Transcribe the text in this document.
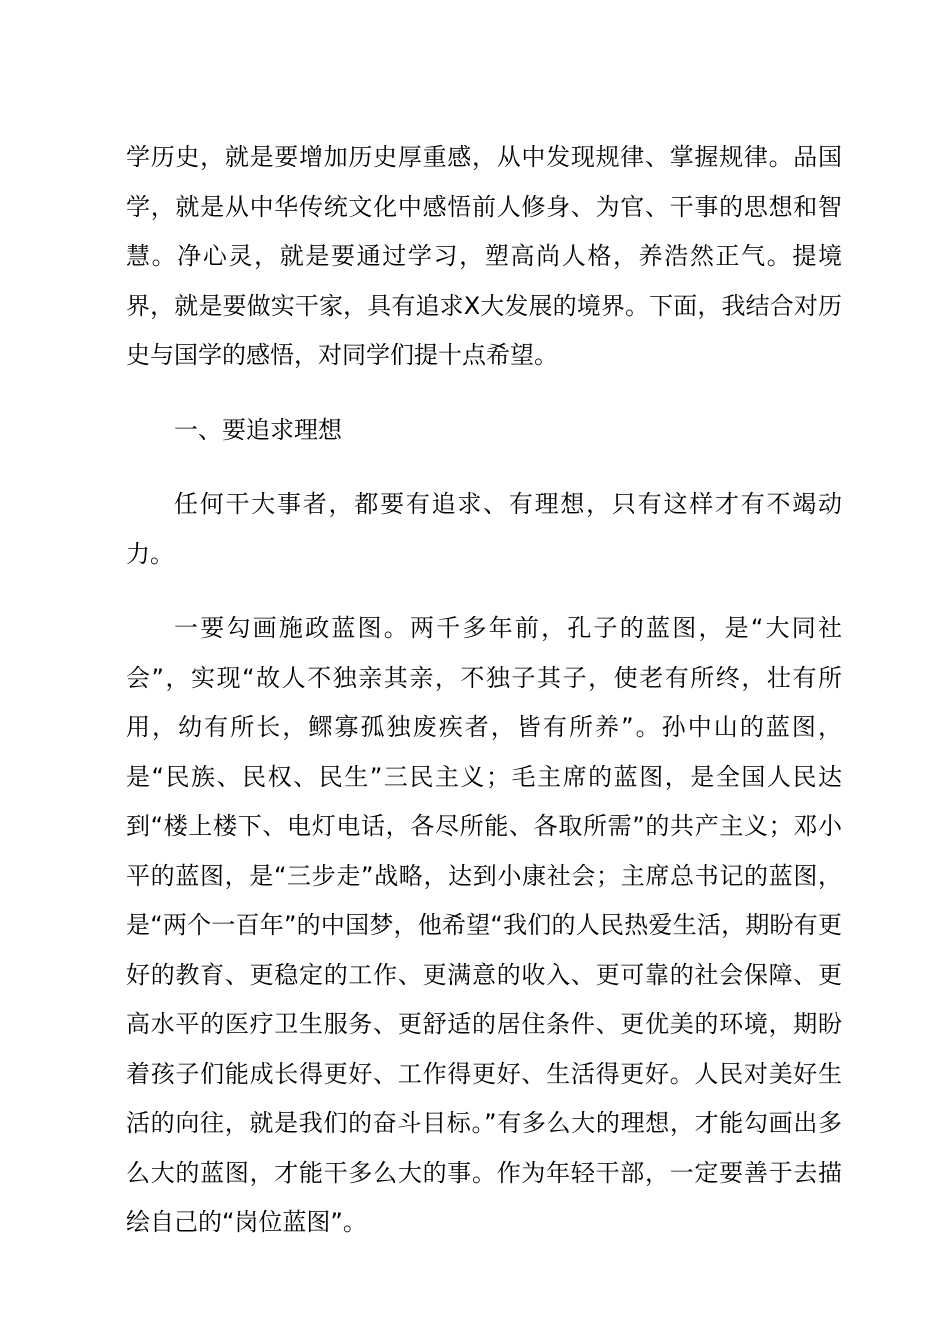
学历史，就是要增加历史厚重感，从中发现规律、掌握规律。品国学，就是从中华传统文化中感悟前人修身、为官、干事的思想和智慧。净心灵，就是要通过学习，塑高尚人格，养浩然正气。提境界，就是要做实干家，具有追求Ⅹ大发展的境界。下面，我结合对历史与国学的感悟，对同学们提十点希望。

一、要追求理想

任何干大事者，都要有追求、有理想，只有这样才有不竭动力。

一要勾画施政蓝图。两千多年前，孔子的蓝图，是“大同社会”，实现“故人不独亲其亲，不独子其子，使老有所终，壮有所用，幼有所长，鳏寡孤独废疾者，皆有所养”。孙中山的蓝图，是“民族、民权、民生”三民主义；毛主席的蓝图，是全国人民达到“楼上楼下、电灯电话，各尽所能、各取所需”的共产主义；邓小平的蓝图，是“三步走”战略，达到小康社会；主席总书记的蓝图，是“两个一百年”的中国梦，他希望“我们的人民热爱生活，期盼有更好的教育、更稳定的工作、更满意的收入、更可靠的社会保障、更高水平的医疗卫生服务、更舒适的居住条件、更优美的环境，期盼着孩子们能成长得更好、工作得更好、生活得更好。人民对美好生活的向往，就是我们的奋斗目标。”有多么大的理想，才能勾画出多么大的蓝图，才能干多么大的事。作为年轻干部，一定要善于去描绘自己的“岗位蓝图”。
